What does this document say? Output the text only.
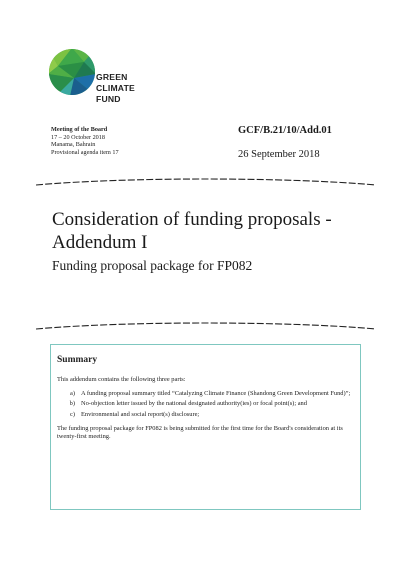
GREEN
CLIMATE
FUND
Meeting of the Board
17 – 20 October 2018
Manama, Bahrain
Provisional agenda item 17
GCF/B.21/10/Add.01
26 September 2018
Consideration of funding proposals - Addendum I
Funding proposal package for FP082
Summary

This addendum contains the following three parts:

a) A funding proposal summary titled “Catalyzing Climate Finance (Shandong Green Development Fund)”;
b) No-objection letter issued by the national designated authority(ies) or focal point(s); and
c) Environmental and social report(s) disclosure;

The funding proposal package for FP082 is being submitted for the first time for the Board's consideration at its twenty-first meeting.
